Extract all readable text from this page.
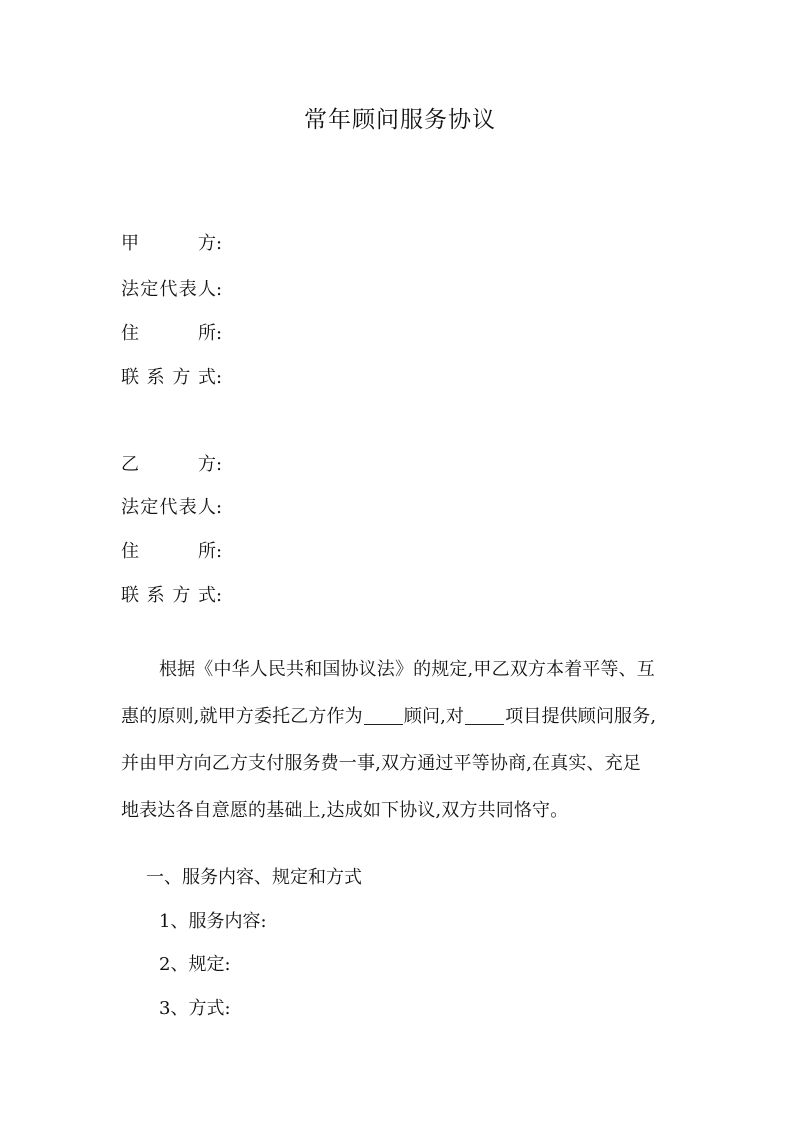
常年顾问服务协议
甲方:
法定代表人:
住所:
联系方式:
乙方:
法定代表人:
住所:
联系方式:
根据《中华人民共和国协议法》的规定,甲乙双方本着平等、互
惠的原则,就甲方委托乙方作为 顾问,对 项目提供顾问服务,
并由甲方向乙方支付服务费一事,双方通过平等协商,在真实、充足
地表达各自意愿的基础上,达成如下协议,双方共同恪守。
一、服务内容、规定和方式
1、服务内容:
2、规定:
3、方式:
